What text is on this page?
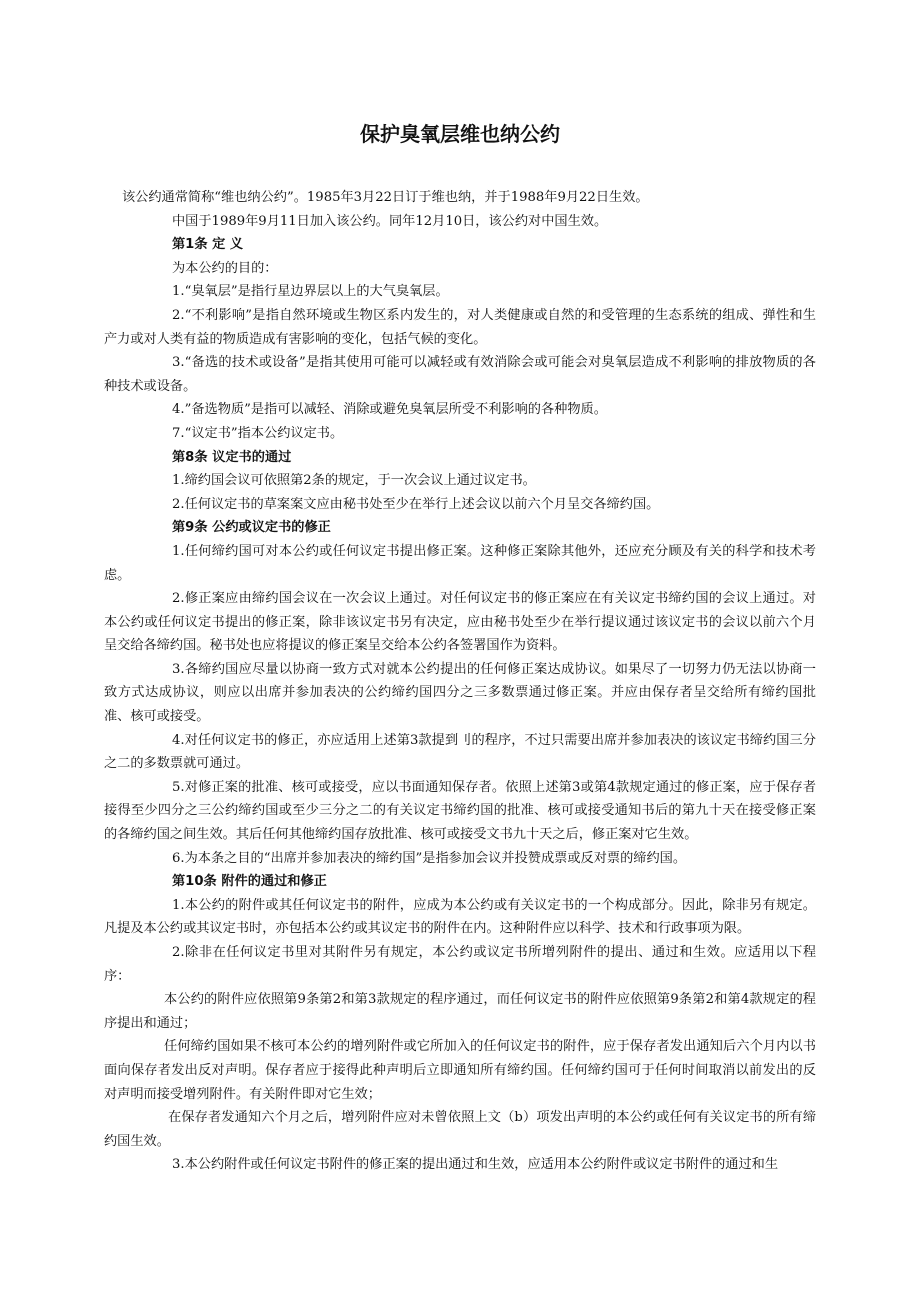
保护臭氧层维也纳公约

该公约通常简称“维也纳公约”。1985年3月22日订于维也纳，并于1988年9月22日生效。

中国于1989年9月11日加入该公约。同年12月10日，该公约对中国生效。

第1条 定 义

为本公约的目的：

1.“臭氧层”是指行星边界层以上的大气臭氧层。

2.“不利影响”是指自然环境或生物区系内发生的，对人类健康或自然的和受管理的生态系统的组成、弹性和生产力或对人类有益的物质造成有害影响的变化，包括气候的变化。

3.“备选的技术或设备”是指其使用可能可以减轻或有效消除会或可能会对臭氧层造成不利影响的排放物质的各种技术或设备。

4.”备选物质”是指可以减轻、消除或避免臭氧层所受不利影响的各种物质。

7.“议定书”指本公约议定书。

第8条 议定书的通过

1.缔约国会议可依照第2条的规定，于一次会议上通过议定书。

2.任何议定书的草案案文应由秘书处至少在举行上述会议以前六个月呈交各缔约国。

第9条 公约或议定书的修正

1.任何缔约国可对本公约或任何议定书提出修正案。这种修正案除其他外，还应充分顾及有关的科学和技术考虑。

2.修正案应由缔约国会议在一次会议上通过。对任何议定书的修正案应在有关议定书缔约国的会议上通过。对本公约或任何议定书提出的修正案，除非该议定书另有决定，应由秘书处至少在举行提议通过该议定书的会议以前六个月呈交给各缔约国。秘书处也应将提议的修正案呈交给本公约各签署国作为资料。

3.各缔约国应尽量以协商一致方式对就本公约提出的任何修正案达成协议。如果尽了一切努力仍无法以协商一致方式达成协议，则应以出席并参加表决的公约缔约国四分之三多数票通过修正案。并应由保存者呈交给所有缔约国批准、核可或接受。

4.对任何议定书的修正，亦应适用上述第3款提到刂的程序，不过只需要出席并参加表决的该议定书缔约国三分之二的多数票就可通过。

5.对修正案的批准、核可或接受，应以书面通知保存者。依照上述第3或第4款规定通过的修正案，应于保存者接得至少四分之三公约缔约国或至少三分之二的有关议定书缔约国的批准、核可或接受通知书后的第九十天在接受修正案的各缔约国之间生效。其后任何其他缔约国存放批准、核可或接受文书九十天之后，修正案对它生效。

6.为本条之目的“出席并参加表决的缔约国”是指参加会议并投赞成票或反对票的缔约国。

第10条 附件的通过和修正

1.本公约的附件或其任何议定书的附件，应成为本公约或有关议定书的一个构成部分。因此，除非另有规定。凡提及本公约或其议定书时，亦包括本公约或其议定书的附件在内。这种附件应以科学、技术和行政事项为限。

2.除非在任何议定书里对其附件另有规定，本公约或议定书所增列附件的提出、通过和生效。应适用以下程序：

本公约的附件应依照第9条第2和第3款规定的程序通过，而任何议定书的附件应依照第9条第2和第4款规定的程序提出和通过；

任何缔约国如果不核可本公约的增列附件或它所加入的任何议定书的附件，应于保存者发出通知后六个月内以书面向保存者发出反对声明。保存者应于接得此种声明后立即通知所有缔约国。任何缔约国可于任何时间取消以前发出的反对声明而接受增列附件。有关附件即对它生效；

在保存者发通知六个月之后，增列附件应对未曾依照上文（b）项发出声明的本公约或任何有关议定书的所有缔约国生效。

3.本公约附件或任何议定书附件的修正案的提出通过和生效，应适用本公约附件或议定书附件的通过和生
